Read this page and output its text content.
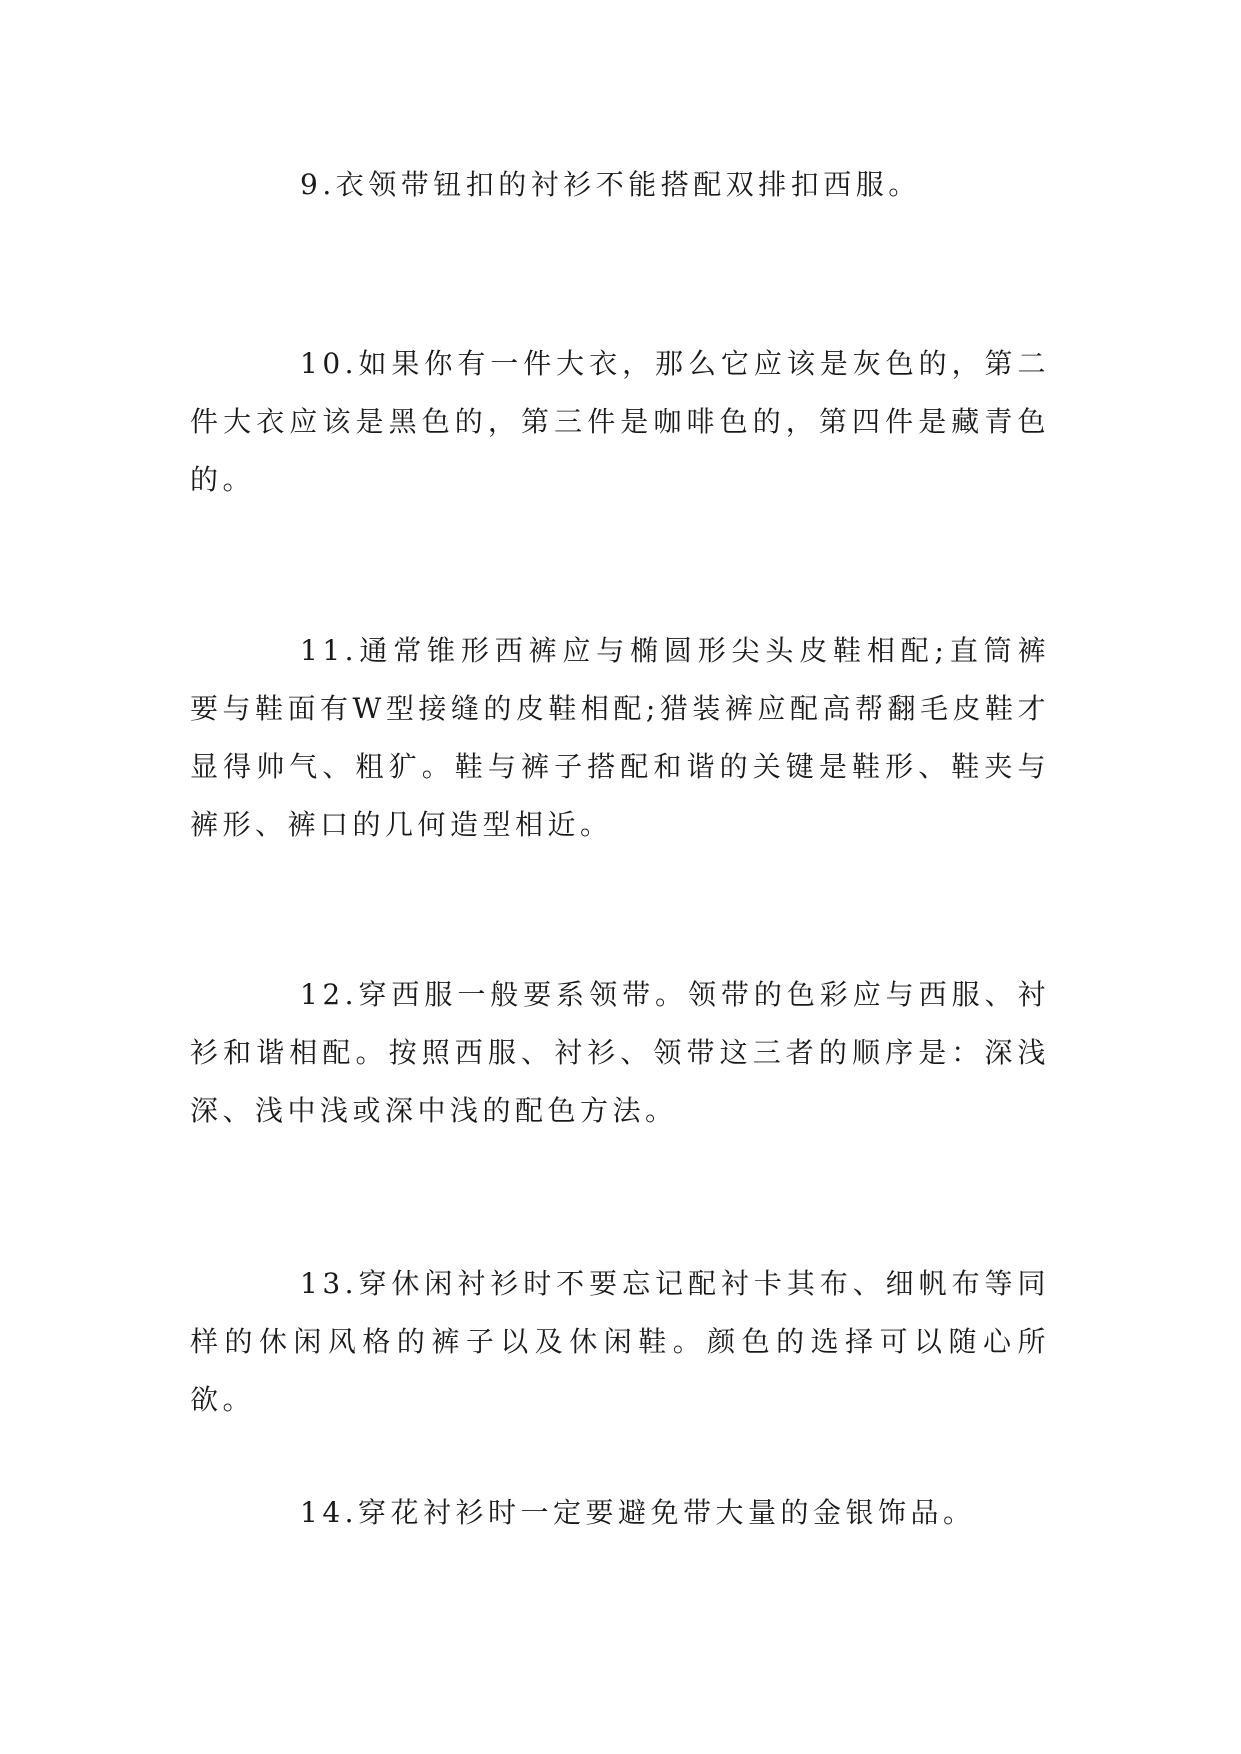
9.衣领带钮扣的衬衫不能搭配双排扣西服。

10.如果你有一件大衣，那么它应该是灰色的，第二件大衣应该是黑色的，第三件是咖啡色的，第四件是藏青色的。

11.通常锥形西裤应与椭圆形尖头皮鞋相配;直筒裤要与鞋面有W型接缝的皮鞋相配;猎装裤应配高帮翻毛皮鞋才显得帅气、粗犷。鞋与裤子搭配和谐的关键是鞋形、鞋夹与裤形、裤口的几何造型相近。

12.穿西服一般要系领带。领带的色彩应与西服、衬衫和谐相配。按照西服、衬衫、领带这三者的顺序是：深浅深、浅中浅或深中浅的配色方法。

13.穿休闲衬衫时不要忘记配衬卡其布、细帆布等同样的休闲风格的裤子以及休闲鞋。颜色的选择可以随心所欲。

14.穿花衬衫时一定要避免带大量的金银饰品。
